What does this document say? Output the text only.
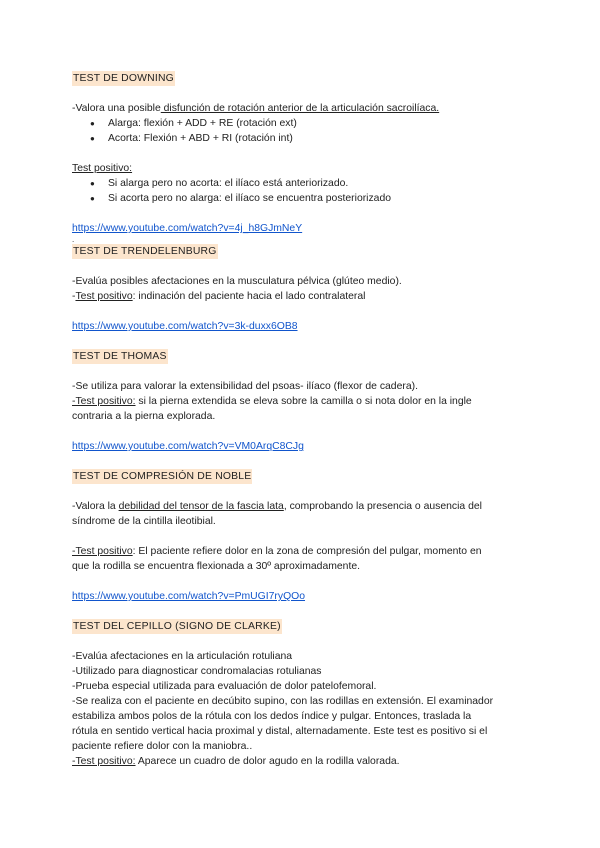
TEST DE DOWNING

-Valora una posible disfunción de rotación anterior de la articulación sacroilíaca.

● Alarga: flexión + ADD + RE (rotación ext)
● Acorta: Flexión + ABD + RI (rotación int)

Test positivo:

● Si alarga pero no acorta: el ilíaco está anteriorizado.
● Si acorta pero no alarga: el ilíaco se encuentra posteriorizado

https://www.youtube.com/watch?v=4j_h8GJmNeY

.
TEST DE TRENDELENBURG

-Evalúa posibles afectaciones en la musculatura pélvica (glúteo medio).

-Test positivo: indinación del paciente hacia el lado contralateral

https://www.youtube.com/watch?v=3k-duxx6OB8

TEST DE THOMAS

-Se utiliza para valorar la extensibilidad del psoas- ilíaco (flexor de cadera).

-Test positivo: si la pierna extendida se eleva sobre la camilla o si nota dolor en la ingle

contraria a la pierna explorada.

https://www.youtube.com/watch?v=VM0ArqC8CJg

TEST DE COMPRESIÓN DE NOBLE

-Valora la debilidad del tensor de la fascia lata, comprobando la presencia o ausencia del

síndrome de la cintilla ileotibial.

-Test positivo: El paciente refiere dolor en la zona de compresión del pulgar, momento en

que la rodilla se encuentra flexionada a 30º aproximadamente.

https://www.youtube.com/watch?v=PmUGI7ryQOo

TEST DEL CEPILLO (SIGNO DE CLARKE)

-Evalúa afectaciones en la articulación rotuliana

-Utilizado para diagnosticar condromalacias rotulianas

-Prueba especial utilizada para evaluación de dolor patelofemoral.

-Se realiza con el paciente en decúbito supino, con las rodillas en extensión. El examinador

estabiliza ambos polos de la rótula con los dedos índice y pulgar. Entonces, traslada la

rótula en sentido vertical hacia proximal y distal, alternadamente. Este test es positivo si el

paciente refiere dolor con la maniobra..

-Test positivo: Aparece un cuadro de dolor agudo en la rodilla valorada.
